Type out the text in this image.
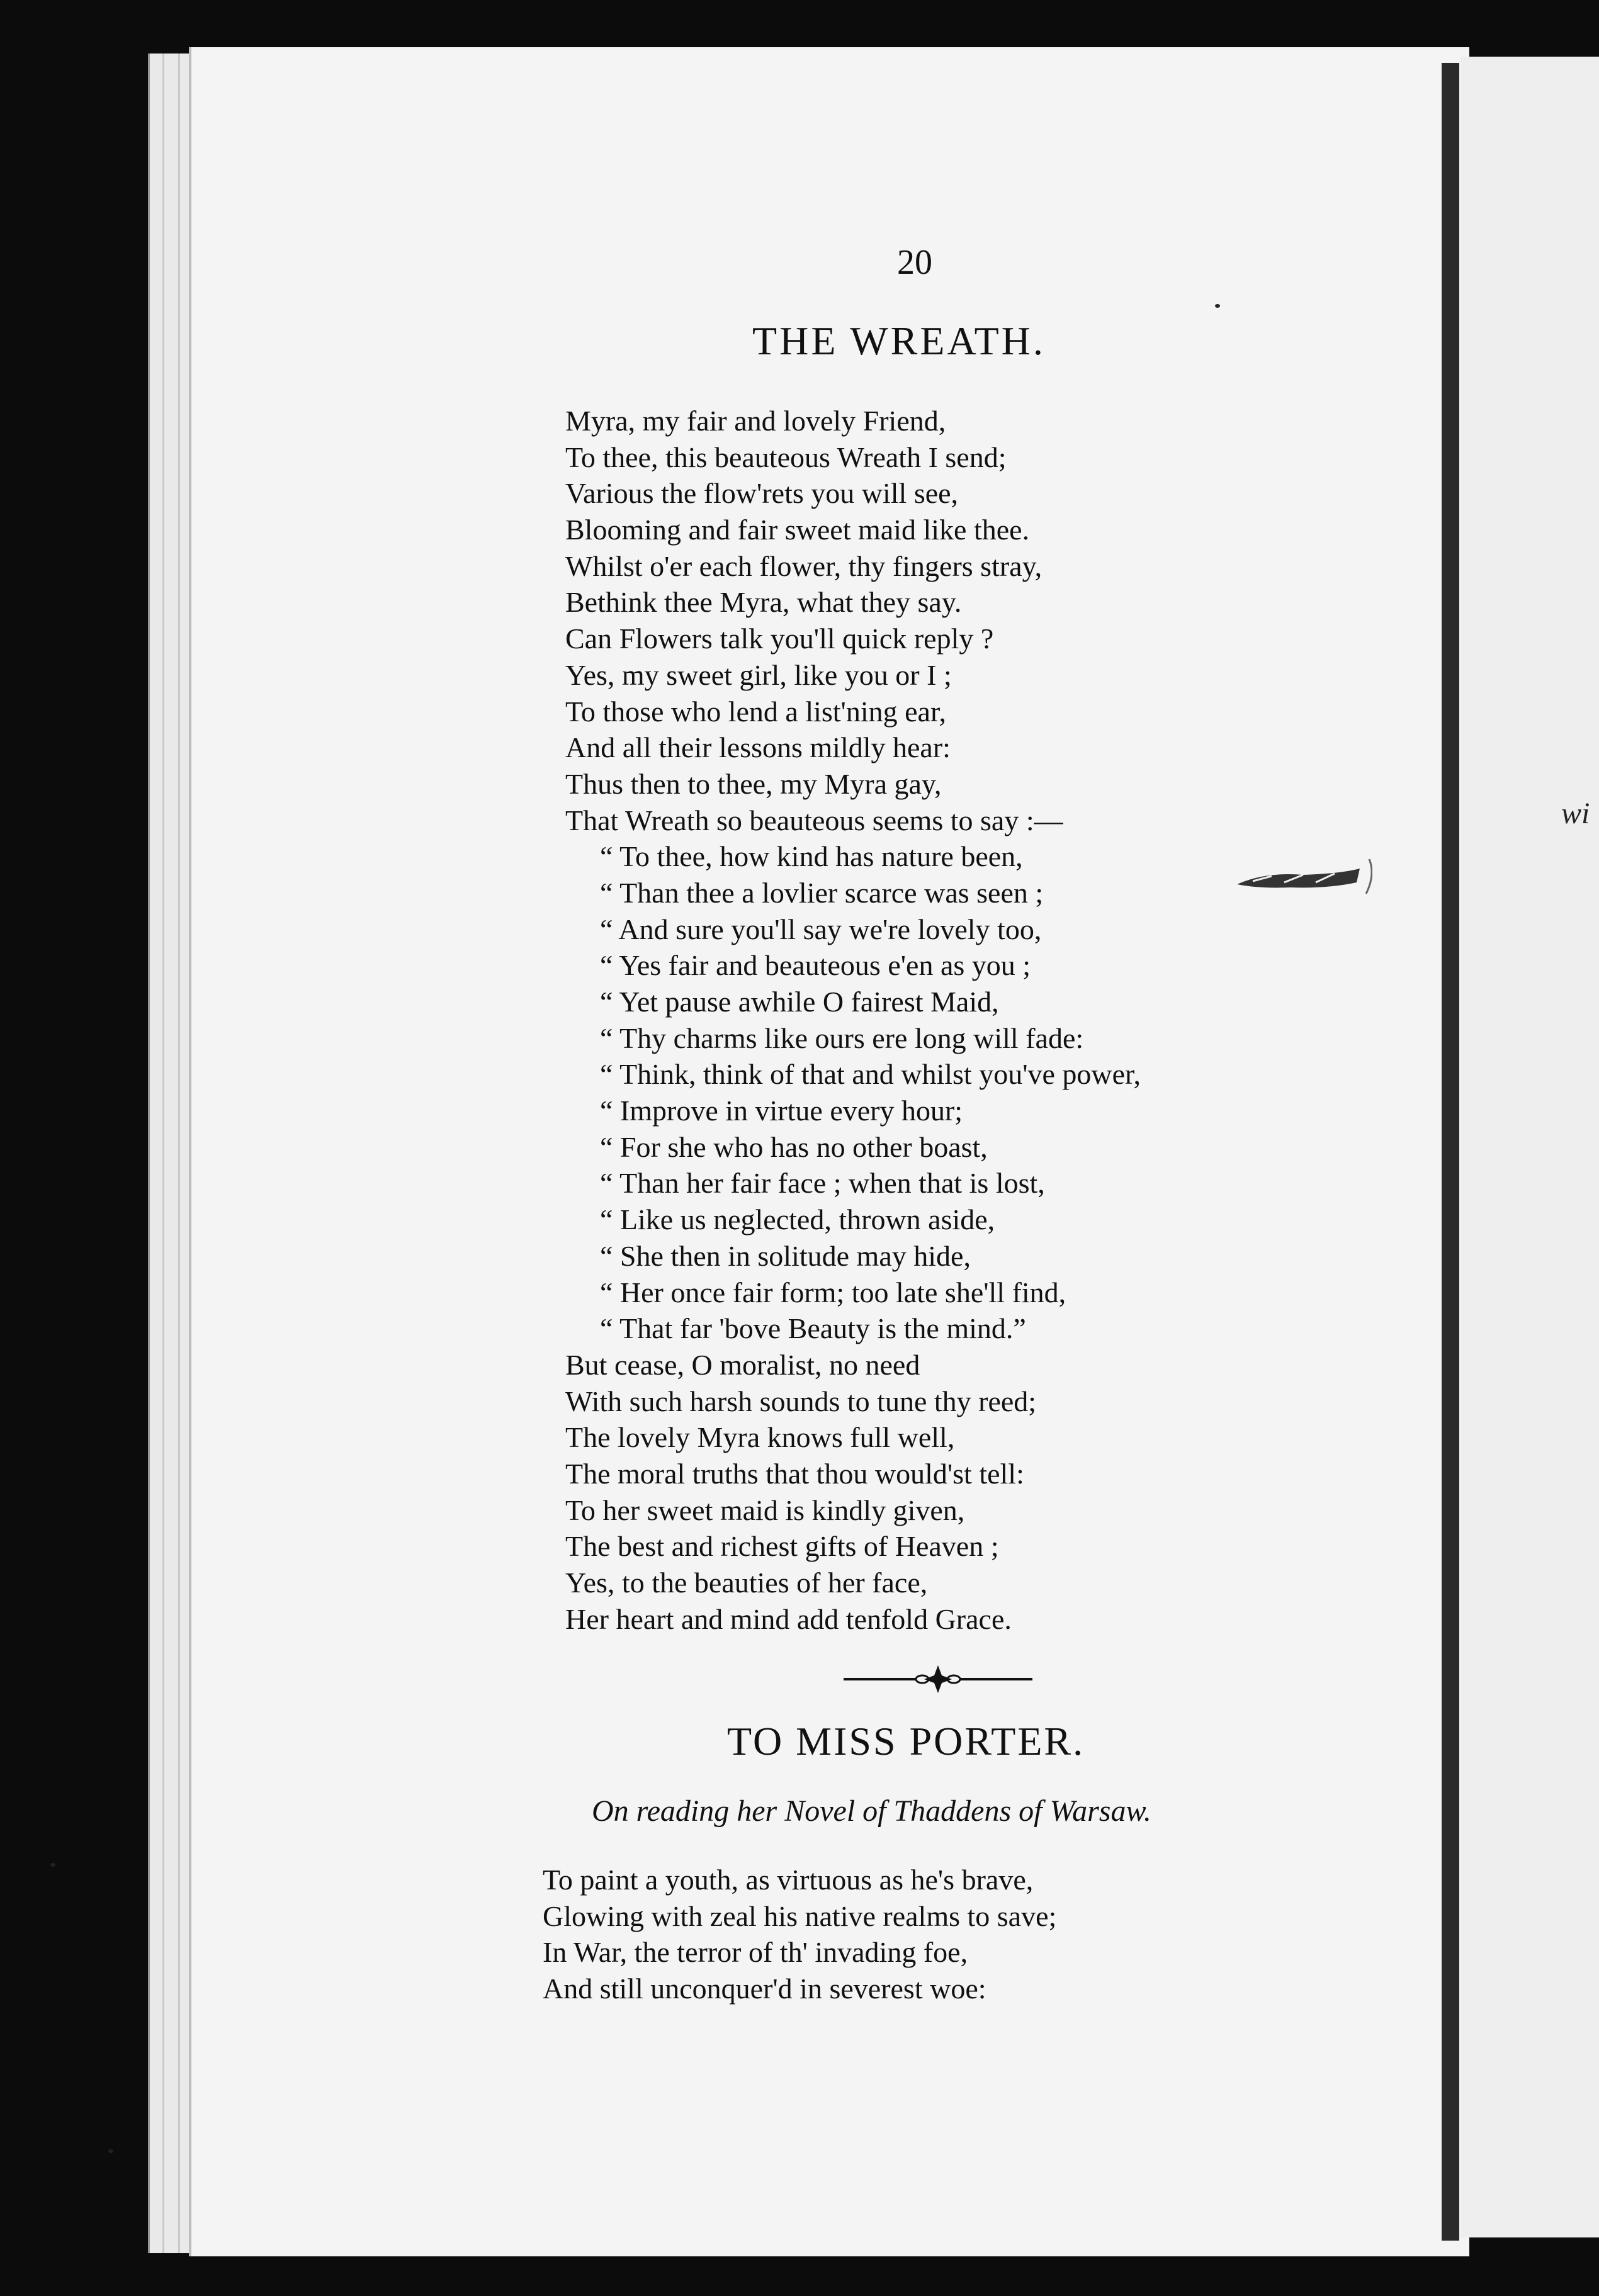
wi
20
THE WREATH.
Myra, my fair and lovely Friend,
To thee, this beauteous Wreath I send;
Various the flow'rets you will see,
Blooming and fair sweet maid like thee.
Whilst o'er each flower, thy fingers stray,
Bethink thee Myra, what they say.
Can Flowers talk you'll quick reply ?
Yes, my sweet girl, like you or I ;
To those who lend a list'ning ear,
And all their lessons mildly hear:
Thus then to thee, my Myra gay,
That Wreath so beauteous seems to say :—
“ To thee, how kind has nature been,
“ Than thee a lovlier scarce was seen ;
“ And sure you'll say we're lovely too,
“ Yes fair and beauteous e'en as you ;
“ Yet pause awhile O fairest Maid,
“ Thy charms like ours ere long will fade:
“ Think, think of that and whilst you've power,
“ Improve in virtue every hour;
“ For she who has no other boast,
“ Than her fair face ; when that is lost,
“ Like us neglected, thrown aside,
“ She then in solitude may hide,
“ Her once fair form; too late she'll find,
“ That far 'bove Beauty is the mind.”
But cease, O moralist, no need
With such harsh sounds to tune thy reed;
The lovely Myra knows full well,
The moral truths that thou would'st tell:
To her sweet maid is kindly given,
The best and richest gifts of Heaven ;
Yes, to the beauties of her face,
Her heart and mind add tenfold Grace.
TO MISS PORTER.
On reading her Novel of Thaddens of Warsaw.
To paint a youth, as virtuous as he's brave,
Glowing with zeal his native realms to save;
In War, the terror of th' invading foe,
And still unconquer'd in severest woe:
